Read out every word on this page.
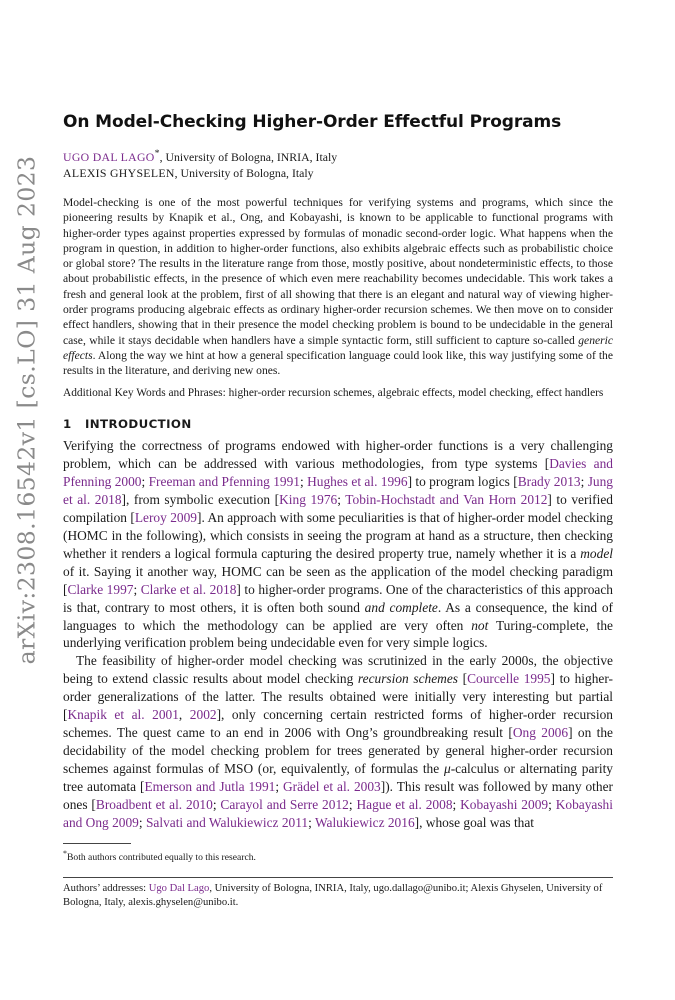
arXiv:2308.16542v1 [cs.LO] 31 Aug 2023
On Model-Checking Higher-Order Effectful Programs
UGO DAL LAGO*, University of Bologna, INRIA, Italy
ALEXIS GHYSELEN, University of Bologna, Italy
Model-checking is one of the most powerful techniques for verifying systems and programs, which since the pioneering results by Knapik et al., Ong, and Kobayashi, is known to be applicable to functional programs with higher-order types against properties expressed by formulas of monadic second-order logic. What happens when the program in question, in addition to higher-order functions, also exhibits algebraic effects such as probabilistic choice or global store? The results in the literature range from those, mostly positive, about nondeterministic effects, to those about probabilistic effects, in the presence of which even mere reachability becomes undecidable. This work takes a fresh and general look at the problem, first of all showing that there is an elegant and natural way of viewing higher-order programs producing algebraic effects as ordinary higher-order recursion schemes. We then move on to consider effect handlers, showing that in their presence the model checking problem is bound to be undecidable in the general case, while it stays decidable when handlers have a simple syntactic form, still sufficient to capture so-called generic effects. Along the way we hint at how a general specification language could look like, this way justifying some of the results in the literature, and deriving new ones.
Additional Key Words and Phrases: higher-order recursion schemes, algebraic effects, model checking, effect handlers
1 INTRODUCTION

Verifying the correctness of programs endowed with higher-order functions is a very challenging problem, which can be addressed with various methodologies, from type systems [Davies and Pfenning 2000; Freeman and Pfenning 1991; Hughes et al. 1996] to program logics [Brady 2013; Jung et al. 2018], from symbolic execution [King 1976; Tobin-Hochstadt and Van Horn 2012] to verified compilation [Leroy 2009]. An approach with some peculiarities is that of higher-order model checking (HOMC in the following), which consists in seeing the program at hand as a structure, then checking whether it renders a logical formula capturing the desired property true, namely whether it is a model of it. Saying it another way, HOMC can be seen as the application of the model checking paradigm [Clarke 1997; Clarke et al. 2018] to higher-order programs. One of the characteristics of this approach is that, contrary to most others, it is often both sound and complete. As a consequence, the kind of languages to which the methodology can be applied are very often not Turing-complete, the underlying verification problem being undecidable even for very simple logics.

The feasibility of higher-order model checking was scrutinized in the early 2000s, the objective being to extend classic results about model checking recursion schemes [Courcelle 1995] to higher-order generalizations of the latter. The results obtained were initially very interesting but partial [Knapik et al. 2001, 2002], only concerning certain restricted forms of higher-order recursion schemes. The quest came to an end in 2006 with Ong’s groundbreaking result [Ong 2006] on the decidability of the model checking problem for trees generated by general higher-order recursion schemes against formulas of MSO (or, equivalently, of formulas the μ-calculus or alternating parity tree automata [Emerson and Jutla 1991; Grädel et al. 2003]). This result was followed by many other ones [Broadbent et al. 2010; Carayol and Serre 2012; Hague et al. 2008; Kobayashi 2009; Kobayashi and Ong 2009; Salvati and Walukiewicz 2011; Walukiewicz 2016], whose goal was that

*Both authors contributed equally to this research.
Authors’ addresses: Ugo Dal Lago, University of Bologna, INRIA, Italy, ugo.dallago@unibo.it; Alexis Ghyselen, University of Bologna, Italy, alexis.ghyselen@unibo.it.
